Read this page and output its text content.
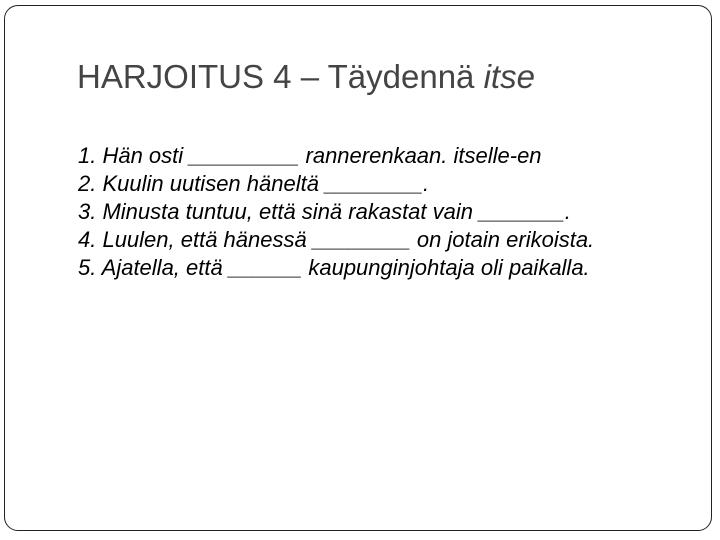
HARJOITUS 4 – Täydennä itse
1. Hän osti _________ rannerenkaan. itselle-en
2. Kuulin uutisen häneltä ________.
3. Minusta tuntuu, että sinä rakastat vain _______.
4. Luulen, että hänessä ________ on jotain erikoista.
5. Ajatella, että ______ kaupunginjohtaja oli paikalla.
